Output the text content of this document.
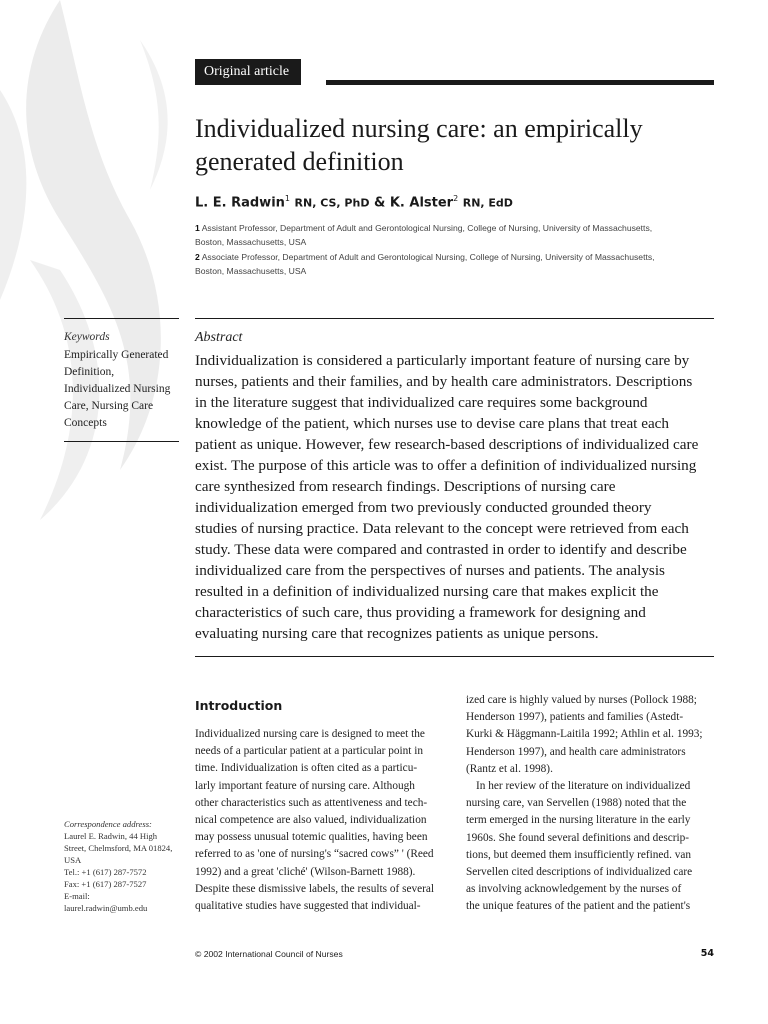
Original article
Individualized nursing care: an empirically
generated definition
L. E. Radwin$^1$ RN, CS, PhD & K. Alster$^2$ RN, EdD
1 Assistant Professor, Department of Adult and Gerontological Nursing, College of Nursing, University of Massachusetts,
Boston, Massachusetts, USA
2 Associate Professor, Department of Adult and Gerontological Nursing, College of Nursing, University of Massachusetts,
Boston, Massachusetts, USA
Keywords
Empirically Generated
Definition,
Individualized Nursing
Care, Nursing Care
Concepts
Abstract
Individualization is considered a particularly important feature of nursing care by
nurses, patients and their families, and by health care administrators. Descriptions
in the literature suggest that individualized care requires some background
knowledge of the patient, which nurses use to devise care plans that treat each
patient as unique. However, few research-based descriptions of individualized care
exist. The purpose of this article was to offer a definition of individualized nursing
care synthesized from research findings. Descriptions of nursing care
individualization emerged from two previously conducted grounded theory
studies of nursing practice. Data relevant to the concept were retrieved from each
study. These data were compared and contrasted in order to identify and describe
individualized care from the perspectives of nurses and patients. The analysis
resulted in a definition of individualized nursing care that makes explicit the
characteristics of such care, thus providing a framework for designing and
evaluating nursing care that recognizes patients as unique persons.
Introduction
Individualized nursing care is designed to meet the
needs of a particular patient at a particular point in
time. Individualization is often cited as a particu-
larly important feature of nursing care. Although
other characteristics such as attentiveness and tech-
nical competence are also valued, individualization
may possess unusual totemic qualities, having been
referred to as 'one of nursing's “sacred cows” ' (Reed
1992) and a great 'cliché' (Wilson-Barnett 1988).
Despite these dismissive labels, the results of several
qualitative studies have suggested that individual-
ized care is highly valued by nurses (Pollock 1988;
Henderson 1997), patients and families (Astedt-
Kurki & Häggmann-Laitila 1992; Athlin et al. 1993;
Henderson 1997), and health care administrators
(Rantz et al. 1998).
In her review of the literature on individualized
nursing care, van Servellen (1988) noted that the
term emerged in the nursing literature in the early
1960s. She found several definitions and descrip-
tions, but deemed them insufficiently refined. van
Servellen cited descriptions of individualized care
as involving acknowledgement by the nurses of
the unique features of the patient and the patient's
Correspondence address:
Laurel E. Radwin, 44 High
Street, Chelmsford, MA 01824,
USA
Tel.: +1 (617) 287-7572
Fax: +1 (617) 287-7527
E-mail:
laurel.radwin@umb.edu
© 2002 International Council of Nurses	54
